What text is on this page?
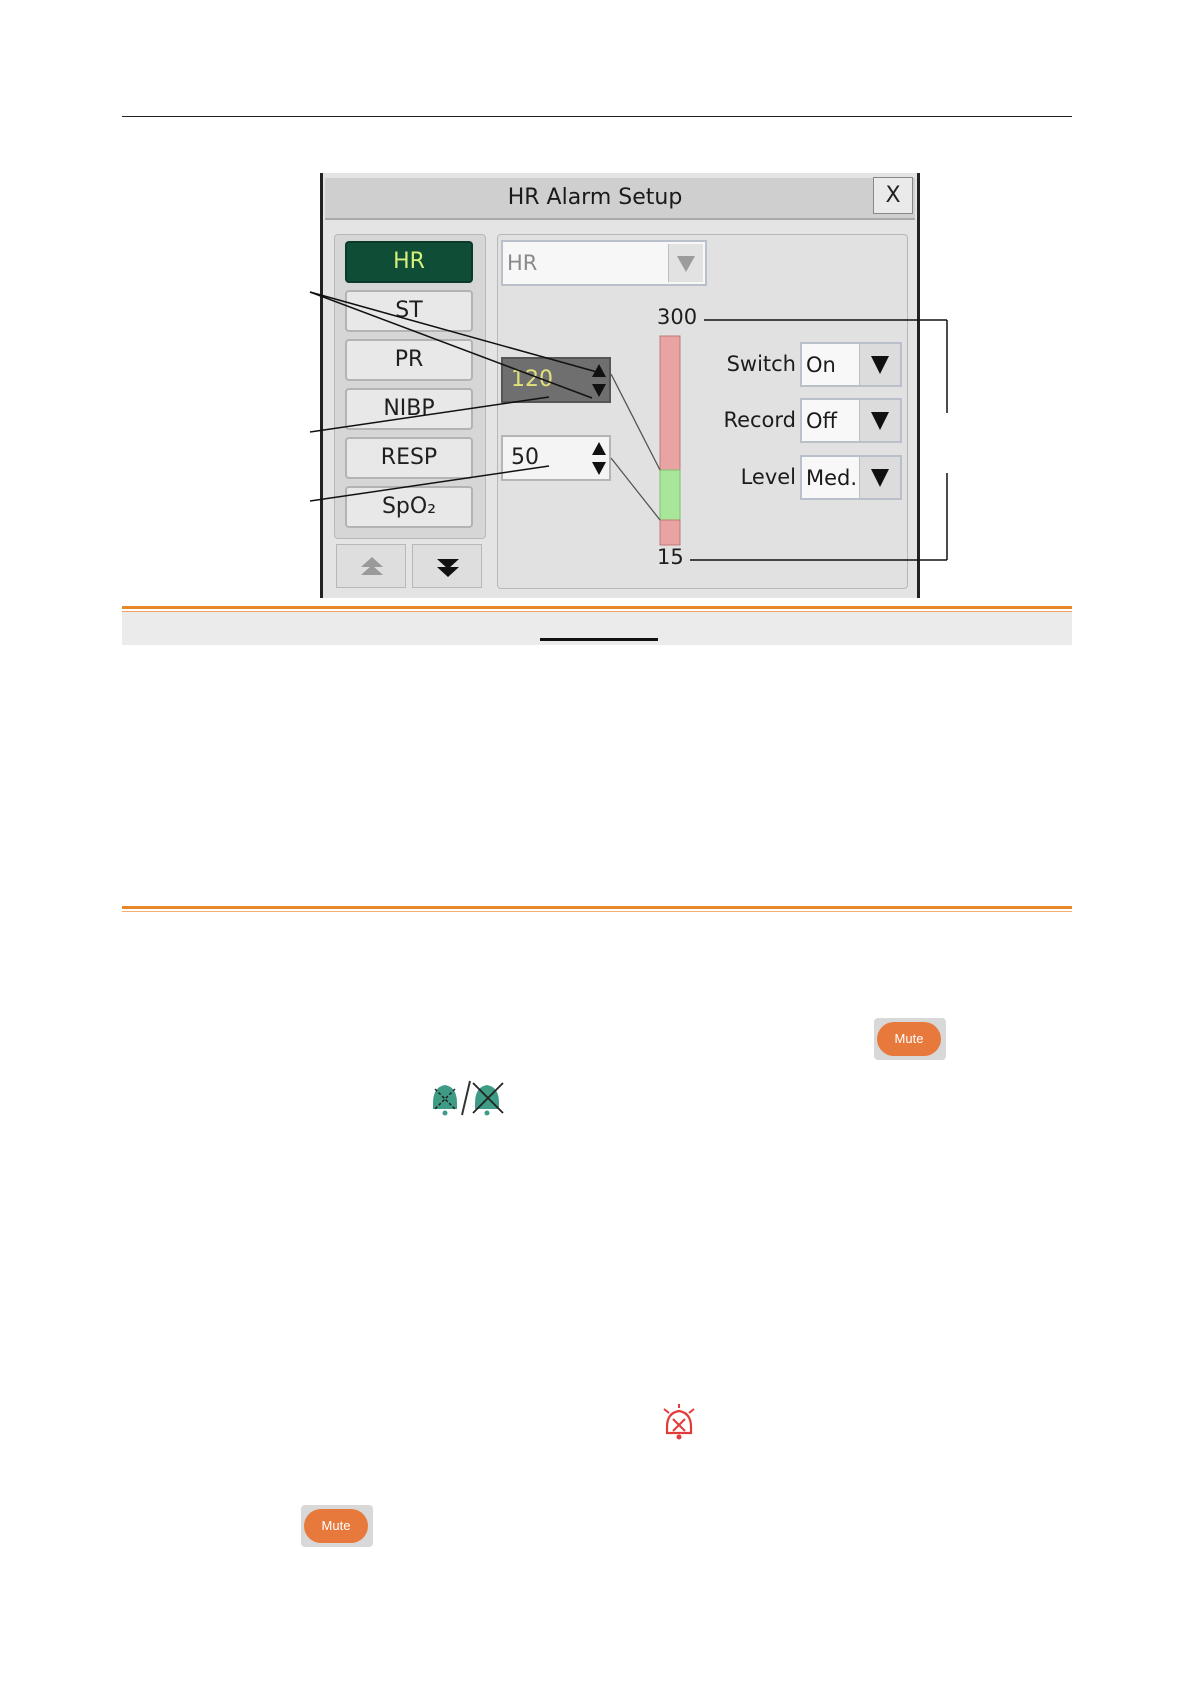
HR Alarm Setup	X
HR
ST
PR
NIBP
RESP
SpO₂
HR
120
50
300
15
Switch On
Record Off
Level Med.
Mute
Mute
